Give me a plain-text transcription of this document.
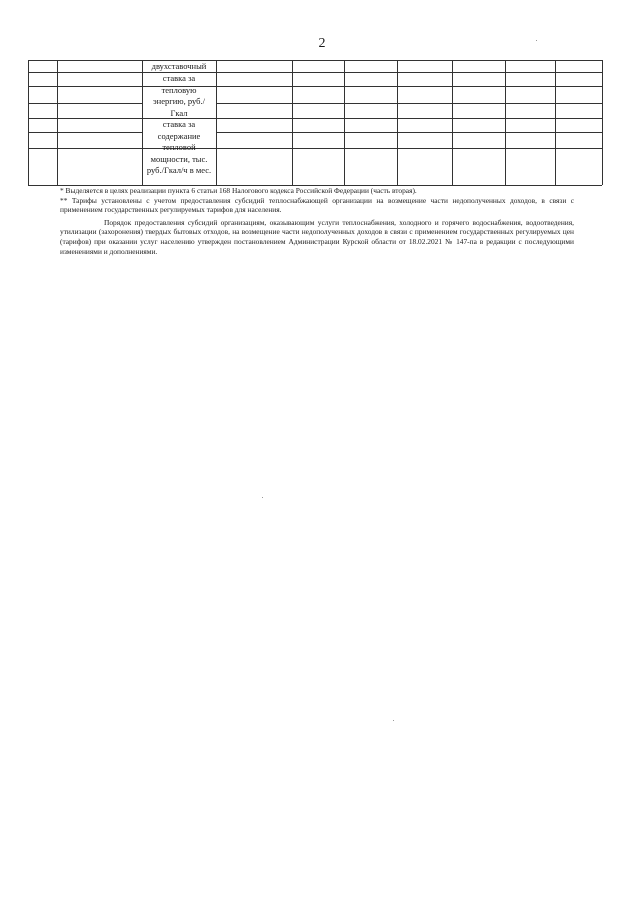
2
двухставочный
ставка за тепловую энергию, руб./Гкал
ставка за содержание тепловой мощности, тыс. руб./Гкал/ч в мес.

* Выделяется в целях реализации пункта 6 статьи 168 Налогового кодекса Российской Федерации (часть вторая).

** Тарифы установлены с учетом предоставления субсидий теплоснабжающей организации на возмещение части недополученных доходов, в связи с применением государственных регулируемых тарифов для населения.

Порядок предоставления субсидий организациям, оказывающим услуги теплоснабжения, холодного и горячего водоснабжения, водоотведения, утилизации (захоронения) твердых бытовых отходов, на возмещение части недополученных доходов в связи с применением государственных регулируемых цен (тарифов) при оказании услуг населению утвержден постановлением Администрации Курской области от 18.02.2021 № 147-па в редакции с последующими изменениями и дополнениями.
